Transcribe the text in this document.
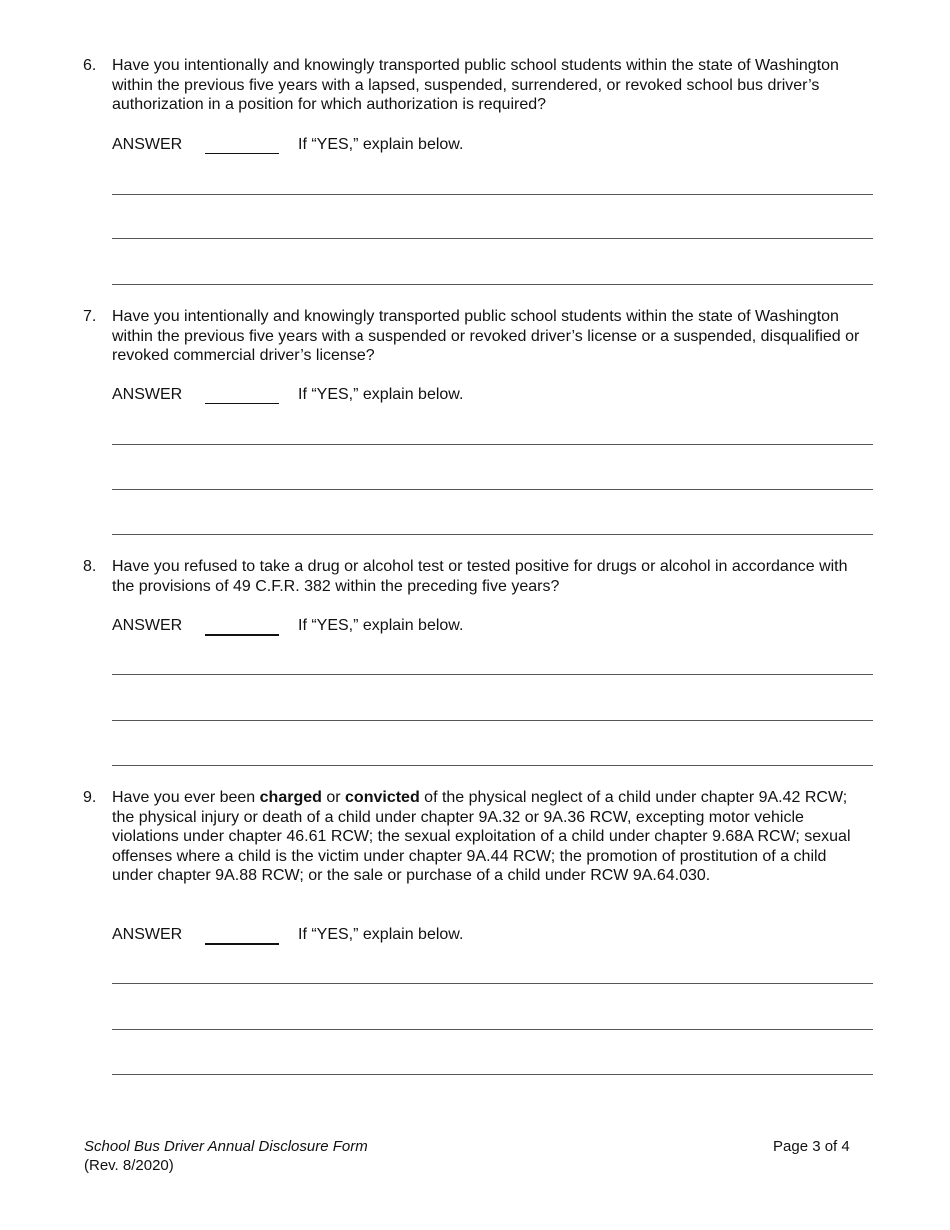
6. Have you intentionally and knowingly transported public school students within the state of Washington within the previous five years with a lapsed, suspended, surrendered, or revoked school bus driver’s authorization in a position for which authorization is required?
ANSWER	If “YES,” explain below.
7. Have you intentionally and knowingly transported public school students within the state of Washington within the previous five years with a suspended or revoked driver’s license or a suspended, disqualified or revoked commercial driver’s license?
ANSWER	If “YES,” explain below.
8. Have you refused to take a drug or alcohol test or tested positive for drugs or alcohol in accordance with the provisions of 49 C.F.R. 382 within the preceding five years?
ANSWER	If “YES,” explain below.
9. Have you ever been charged or convicted of the physical neglect of a child under chapter 9A.42 RCW; the physical injury or death of a child under chapter 9A.32 or 9A.36 RCW, excepting motor vehicle violations under chapter 46.61 RCW; the sexual exploitation of a child under chapter 9.68A RCW; sexual offenses where a child is the victim under chapter 9A.44 RCW; the promotion of prostitution of a child under chapter 9A.88 RCW; or the sale or purchase of a child under RCW 9A.64.030.
ANSWER	If “YES,” explain below.
School Bus Driver Annual Disclosure Form
(Rev. 8/2020)
Page 3 of 4
